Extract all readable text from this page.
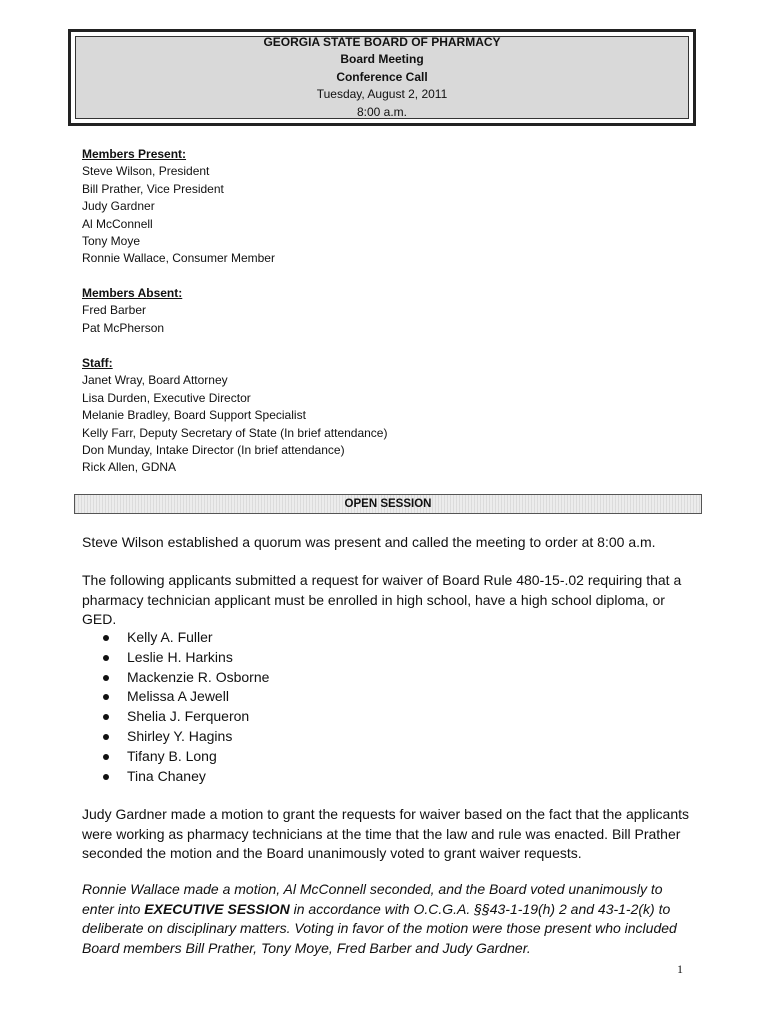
GEORGIA STATE BOARD OF PHARMACY
Board Meeting
Conference Call
Tuesday, August 2, 2011
8:00 a.m.
Members Present:
Steve Wilson, President
Bill Prather, Vice President
Judy Gardner
Al McConnell
Tony Moye
Ronnie Wallace, Consumer Member
Members Absent:
Fred Barber
Pat McPherson
Staff:
Janet Wray, Board Attorney
Lisa Durden, Executive Director
Melanie Bradley, Board Support Specialist
Kelly Farr, Deputy Secretary of State (In brief attendance)
Don Munday, Intake Director (In brief attendance)
Rick Allen, GDNA
OPEN SESSION
Steve Wilson established a quorum was present and called the meeting to order at 8:00 a.m.
The following applicants submitted a request for waiver of Board Rule 480-15-.02 requiring that a
pharmacy technician applicant must be enrolled in high school, have a high school diploma, or
GED.
Kelly A. Fuller
Leslie H. Harkins
Mackenzie R. Osborne
Melissa A Jewell
Shelia J. Ferqueron
Shirley Y. Hagins
Tifany B. Long
Tina Chaney
Judy Gardner made a motion to grant the requests for waiver based on the fact that the applicants
were working as pharmacy technicians at the time that the law and rule was enacted. Bill Prather
seconded the motion and the Board unanimously voted to grant waiver requests.
Ronnie Wallace made a motion, Al McConnell seconded, and the Board voted unanimously to
enter into EXECUTIVE SESSION in accordance with O.C.G.A. §§43-1-19(h) 2 and 43-1-2(k) to
deliberate on disciplinary matters. Voting in favor of the motion were those present who included
Board members Bill Prather, Tony Moye, Fred Barber and Judy Gardner.
1
